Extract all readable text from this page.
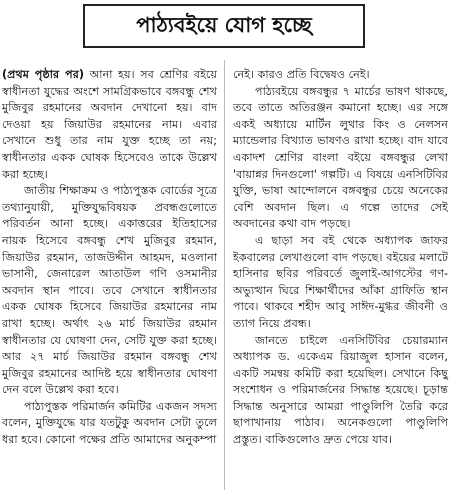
পাঠ্যবইয়ে যোগ হচ্ছে

(প্রথম পৃষ্ঠার পর) আনা হয়। সব শ্রেণির বইয়ে স্বাধীনতা যুদ্ধের অংশে সামগ্রিকভাবে বঙ্গবন্ধু শেখ মুজিবুর রহমানের অবদান দেখানো হয়। বাদ দেওয়া হয় জিয়াউর রহমানের নাম। এবার সেখানে শুধু তার নাম যুক্ত হচ্ছে তা নয়; স্বাধীনতার একক ঘোষক হিসেবেও তাকে উল্লেখ করা হচ্ছে।

জাতীয় শিক্ষাক্রম ও পাঠ্যপুস্তক বোর্ডের সূত্রে তথ্যানুযায়ী, মুক্তিযুদ্ধবিষয়ক প্রবন্ধগুলোতে পরিবর্তন আনা হচ্ছে। একাত্তরের ইতিহাসের নায়ক হিসেবে বঙ্গবন্ধু শেখ মুজিবুর রহমান, জিয়াউর রহমান, তাজউদ্দীন আহমদ, মওলানা ভাসানী, জেনারেল আতাউল গণি ওসমানীর অবদান স্থান পাবে। তবে সেখানে স্বাধীনতার একক ঘোষক হিসেবে জিয়াউর রহমানের নাম রাখা হচ্ছে। অর্থাৎ ২৬ মার্চ জিয়াউর রহমান স্বাধীনতার যে ঘোষণা দেন, সেটি যুক্ত করা হচ্ছে। আর ২৭ মার্চ জিয়াউর রহমান বঙ্গবন্ধু শেখ মুজিবুর রহমানের আদিষ্ট হয়ে স্বাধীনতার ঘোষণা দেন বলে উল্লেখ করা হবে।

পাঠ্যপুস্তক পরিমার্জন কমিটির একজন সদস্য বলেন, মুক্তিযুদ্ধে যার যতটুকু অবদান সেটা তুলে ধরা হবে। কোনো পক্ষের প্রতি আমাদের অনুকম্পা

নেই। কারও প্রতি বিদ্বেষও নেই।

পাঠ্যবইয়ে বঙ্গবন্ধুর ৭ মার্চের ভাষণ থাকছে, তবে তাতে অতিরঞ্জন কমানো হচ্ছে। এর সঙ্গে একই অধ্যায়ে মার্টিন লুথার কিং ও নেলসন ম্যান্ডেলার বিখ্যাত ভাষণও রাখা হচ্ছে। বাদ যাবে একাদশ শ্রেণির বাংলা বইয়ে বঙ্গবন্ধুর লেখা 'বায়ান্নর দিনগুলো' গল্পটি। এ বিষয়ে এনসিটিবির যুক্তি, ভাষা আন্দোলনে বঙ্গবন্ধুর চেয়ে অনেকের বেশি অবদান ছিল। এ গল্পে তাদের সেই অবদানের কথা বাদ পড়ছে।

এ ছাড়া সব বই থেকে অধ্যাপক জাফর ইকবালের লেখাগুলো বাদ পড়ছে। বইয়ের মলাটে হাসিনার ছবির পরিবর্তে জুলাই-আগস্টের গণ-অভ্যুত্থান ঘিরে শিক্ষার্থীদের আঁকা গ্রাফিতি স্থান পাবে। থাকবে শহীদ আবু সাঈদ-মুগ্ধর জীবনী ও ত্যাগ নিয়ে প্রবন্ধ।

জানতে চাইলে এনসিটিবির চেয়ারম্যান অধ্যাপক ড. একেএম রিয়াজুল হাসান বলেন, একটি সমন্বয় কমিটি করা হয়েছিল। সেখানে কিছু সংশোধন ও পরিমার্জনের সিদ্ধান্ত হয়েছে। চূড়ান্ত সিদ্ধান্ত অনুসারে আমরা পাণ্ডুলিপি তৈরি করে ছাপাখানায় পাঠাব। অনেকগুলো পাণ্ডুলিপি প্রস্তুত। বাকিগুলোও দ্রুত পেয়ে যাব।
